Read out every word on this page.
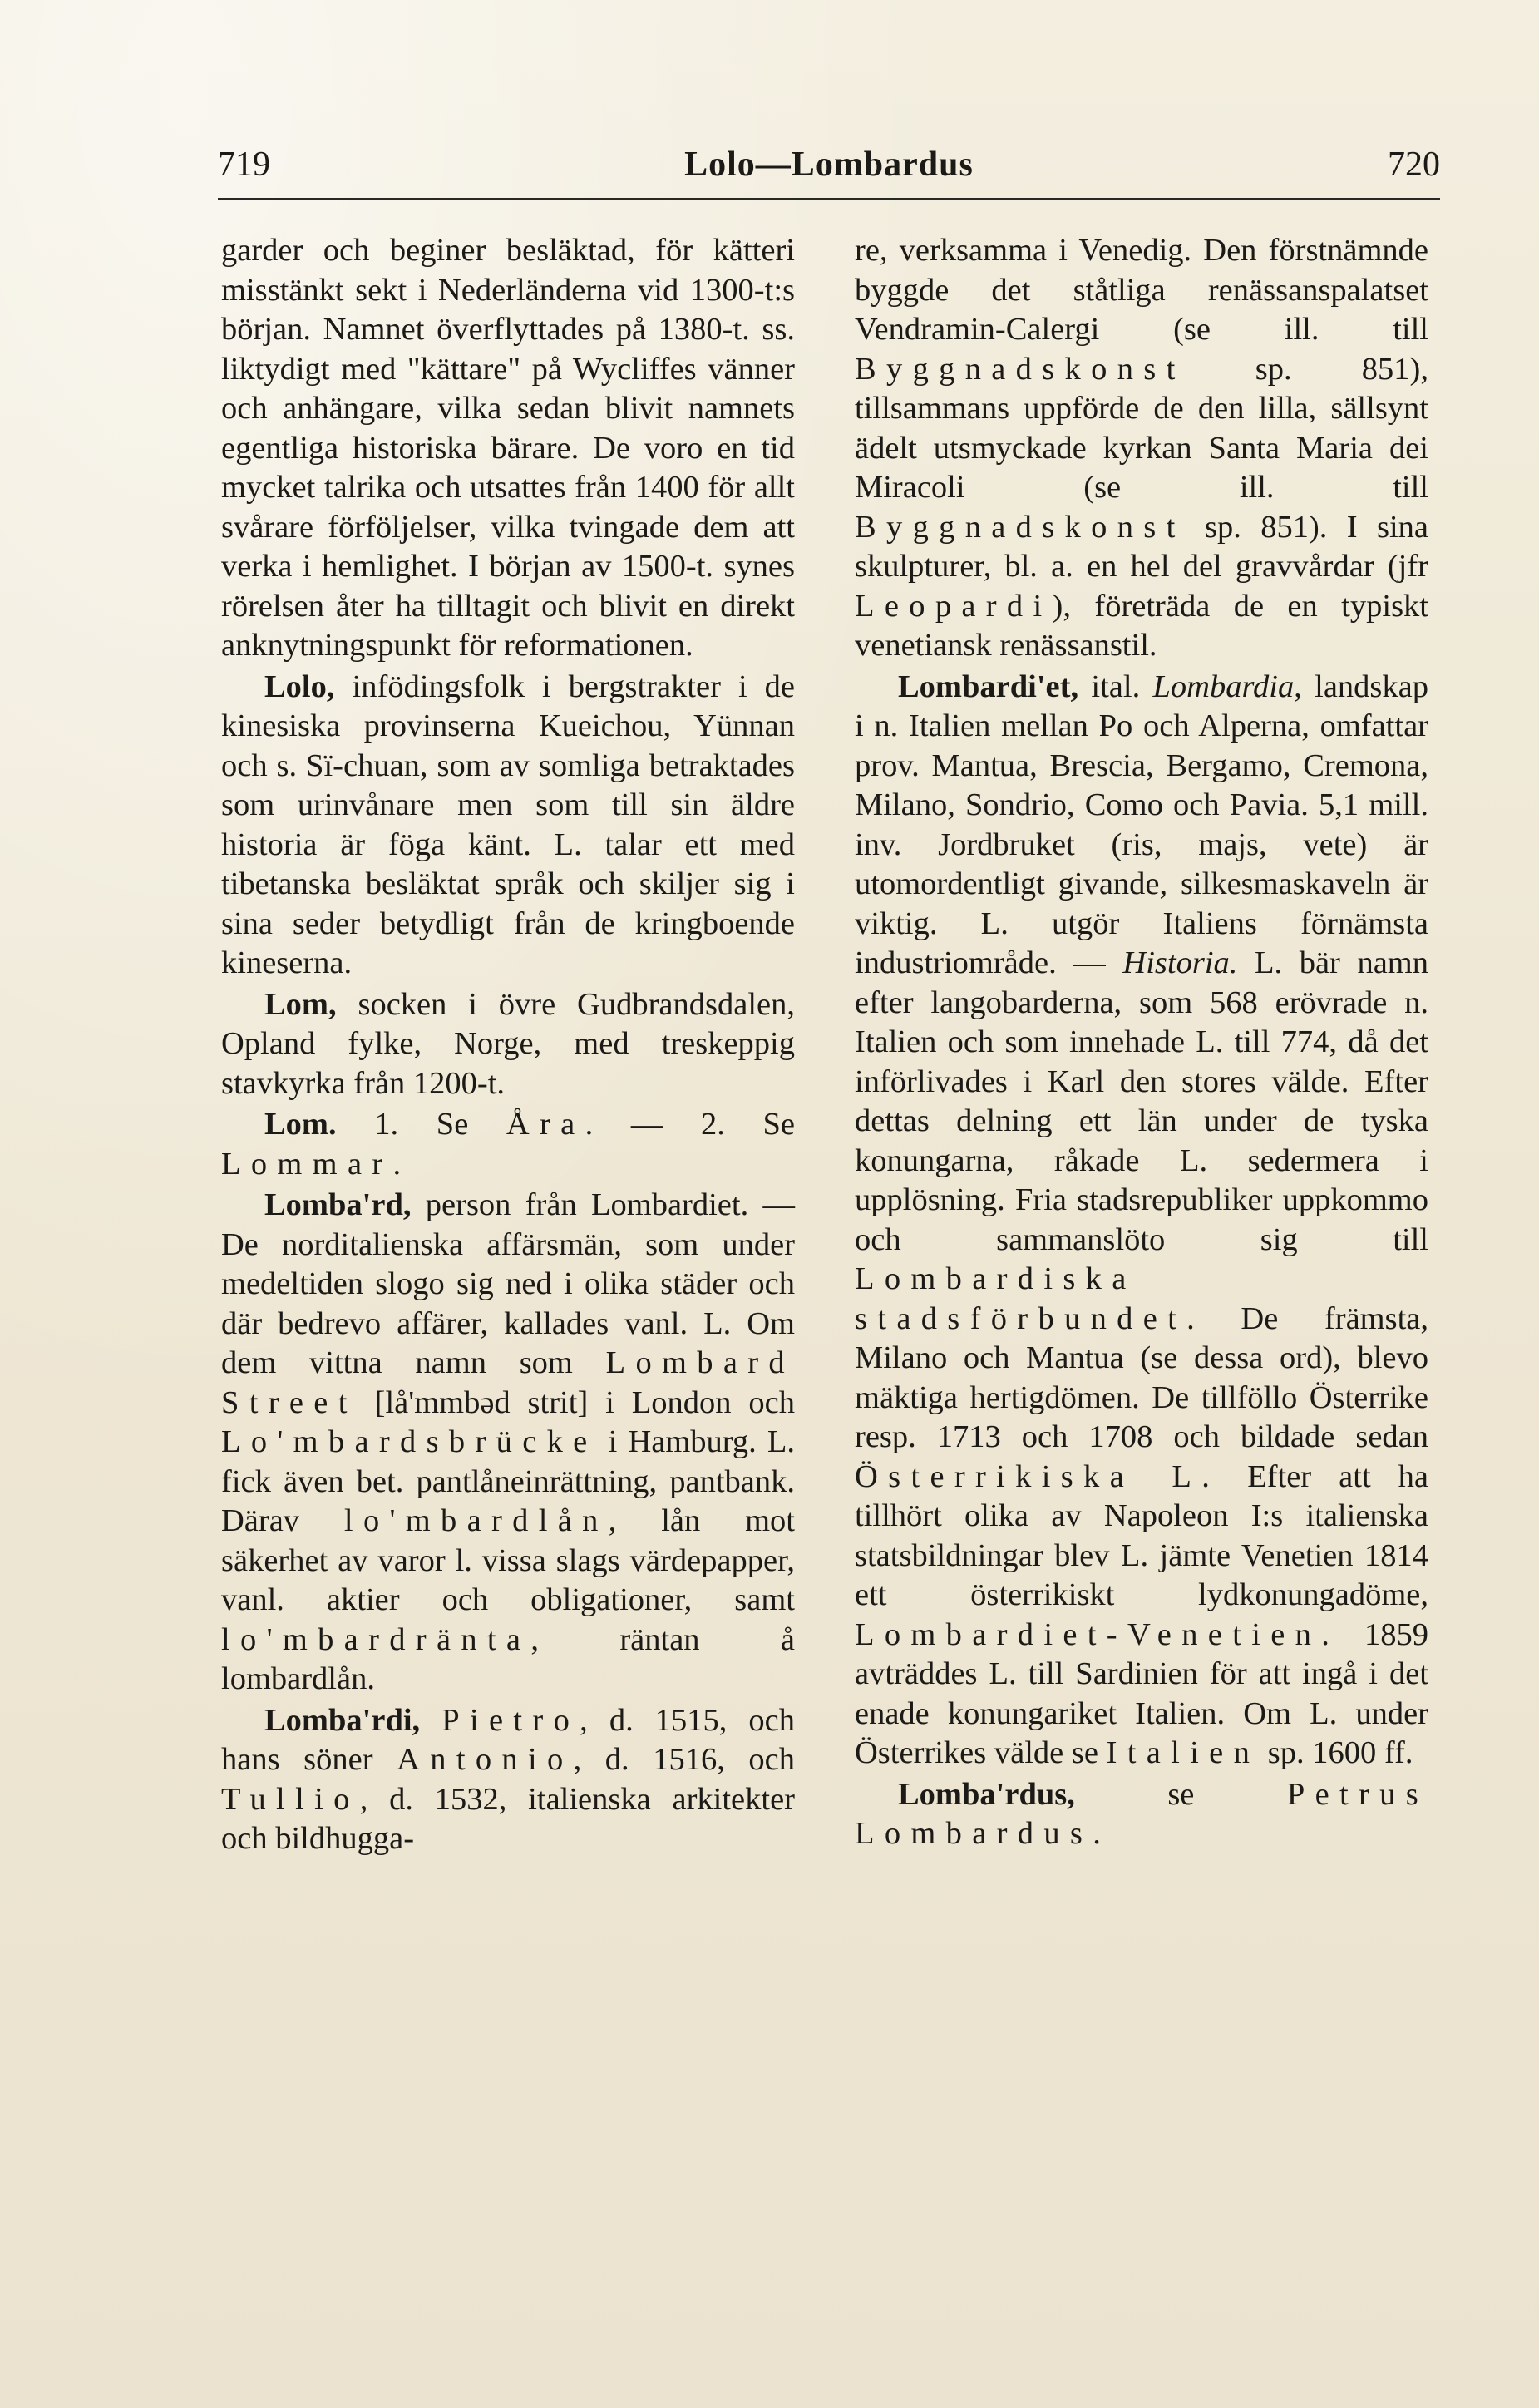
719	Lolo—Lombardus	720

garder och beginer besläktad, för kätteri misstänkt sekt i Nederländerna vid 1300-t:s början. Namnet överflyttades på 1380-t. ss. liktydigt med "kättare" på Wycliffes vänner och anhängare, vilka sedan blivit namnets egentliga historiska bärare. De voro en tid mycket talrika och utsattes från 1400 för allt svårare förföljelser, vilka tvingade dem att verka i hemlighet. I början av 1500-t. synes rörelsen åter ha tilltagit och blivit en direkt anknytningspunkt för reformationen.

Lolo, infödingsfolk i bergstrakter i de kinesiska provinserna Kueichou, Yünnan och s. Sï-chuan, som av somliga betraktades som urinvånare men som till sin äldre historia är föga känt. L. talar ett med tibetanska besläktat språk och skiljer sig i sina seder betydligt från de kringboende kineserna.

Lom, socken i övre Gudbrandsdalen, Opland fylke, Norge, med treskeppig stavkyrka från 1200-t.

Lom. 1. Se Åra. — 2. Se Lommar.

Lomba'rd, person från Lombardiet. — De norditalienska affärsmän, som under medeltiden slogo sig ned i olika städer och där bedrevo affärer, kallades vanl. L. Om dem vittna namn som Lombard Street [lå'mmbəd strit] i London och Lo'mbardsbrücke i Hamburg. L. fick även bet. pantlåneinrättning, pantbank. Därav lo'mbardlån, lån mot säkerhet av varor l. vissa slags värdepapper, vanl. aktier och obligationer, samt lo'mbardränta, räntan å lombardlån.

Lomba'rdi, Pietro, d. 1515, och hans söner Antonio, d. 1516, och Tullio, d. 1532, italienska arkitekter och bildhugga-

re, verksamma i Venedig. Den förstnämnde byggde det ståtliga renässanspalatset Vendramin-Calergi (se ill. till Byggnadskonst sp. 851), tillsammans uppförde de den lilla, sällsynt ädelt utsmyckade kyrkan Santa Maria dei Miracoli (se ill. till Byggnadskonst sp. 851). I sina skulpturer, bl. a. en hel del gravvårdar (jfr Leopardi), företräda de en typiskt venetiansk renässanstil.

Lombardi'et, ital. Lombardia, landskap i n. Italien mellan Po och Alperna, omfattar prov. Mantua, Brescia, Bergamo, Cremona, Milano, Sondrio, Como och Pavia. 5,1 mill. inv. Jordbruket (ris, majs, vete) är utomordentligt givande, silkesmaskaveln är viktig. L. utgör Italiens förnämsta industriområde. — Historia. L. bär namn efter langobarderna, som 568 erövrade n. Italien och som innehade L. till 774, då det införlivades i Karl den stores välde. Efter dettas delning ett län under de tyska konungarna, råkade L. sedermera i upplösning. Fria stadsrepubliker uppkommo och sammanslöto sig till Lombardiska stadsförbundet. De främsta, Milano och Mantua (se dessa ord), blevo mäktiga hertigdömen. De tillföllo Österrike resp. 1713 och 1708 och bildade sedan Österrikiska L. Efter att ha tillhört olika av Napoleon I:s italienska statsbildningar blev L. jämte Venetien 1814 ett österrikiskt lydkonungadöme, Lombardiet-Venetien. 1859 avträddes L. till Sardinien för att ingå i det enade konungariket Italien. Om L. under Österrikes välde se Italien sp. 1600 ff.

Lomba'rdus,	se	Petrus Lombardus.
